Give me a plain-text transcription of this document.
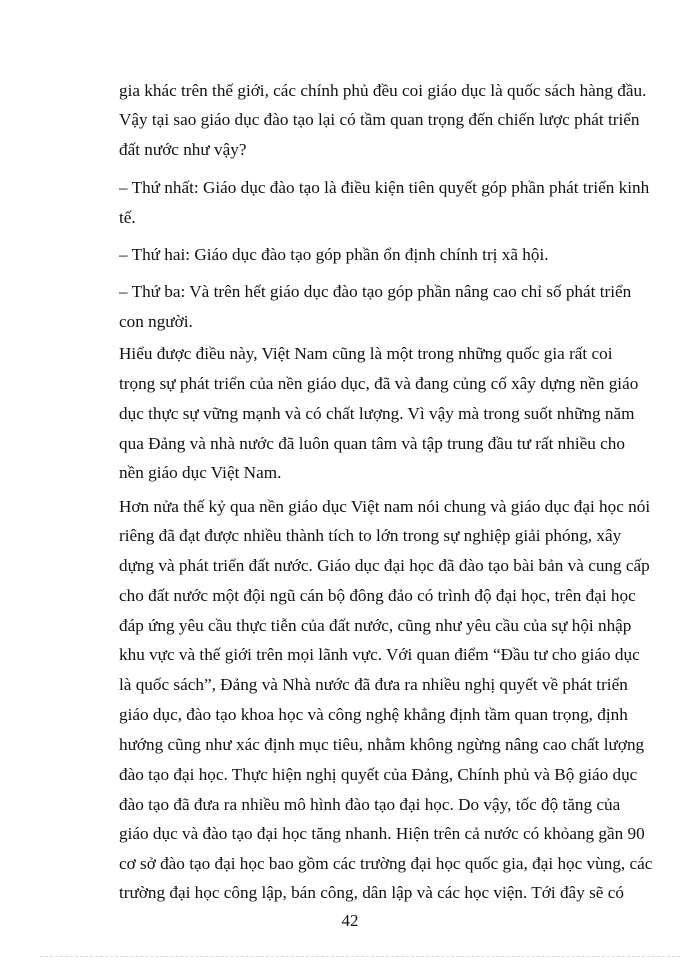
gia khác trên thế giới, các chính phủ đều coi giáo dục là quốc sách hàng đầu.
Vậy tại sao giáo dục đào tạo lại có tầm quan trọng đến chiến lược phát triển
đất nước như vậy?
– Thứ nhất: Giáo dục đào tạo là điều kiện tiên quyết góp phần phát triển kinh
tế.
– Thứ hai: Giáo dục đào tạo góp phần ổn định chính trị xã hội.
– Thứ ba: Và trên hết giáo dục đào tạo góp phần nâng cao chỉ số phát triển
con người.
Hiểu được điều này, Việt Nam cũng là một trong những quốc gia rất coi
trọng sự phát triển của nền giáo dục, đã và đang củng cố xây dựng nền giáo
dục thực sự vững mạnh và có chất lượng. Vì vậy mà trong suốt những năm
qua Đảng và nhà nước đã luôn quan tâm và tập trung đầu tư rất nhiều cho
nền giáo dục Việt Nam.
Hơn nửa thế kỷ qua nền giáo dục Việt nam nói chung và giáo dục đại học nói
riêng đã đạt được nhiều thành tích to lớn trong sự nghiệp giải phóng, xây
dựng và phát triển đất nước. Giáo dục đại học đã đào tạo bài bản và cung cấp
cho đất nước một đội ngũ cán bộ đông đảo có trình độ đại học, trên đại học
đáp ứng yêu cầu thực tiễn của đất nước, cũng như yêu cầu của sự hội nhập
khu vực và thế giới trên mọi lãnh vực. Với quan điểm “Đầu tư cho giáo dục
là quốc sách”, Đảng và Nhà nước đã đưa ra nhiều nghị quyết về phát triển
giáo dục, đào tạo khoa học và công nghệ khẳng định tầm quan trọng, định
hướng cũng như xác định mục tiêu, nhằm không ngừng nâng cao chất lượng
đào tạo đại học. Thực hiện nghị quyết của Đảng, Chính phủ và Bộ giáo dục
đào tạo đã đưa ra nhiều mô hình đào tạo đại học. Do vậy, tốc độ tăng của
giáo dục và đào tạo đại học tăng nhanh. Hiện trên cả nước có khỏang gần 90
cơ sở đào tạo đại học bao gồm các trường đại học quốc gia, đại học vùng, các
trường đại học công lập, bán công, dân lập và các học viện. Tới đây sẽ có
42
